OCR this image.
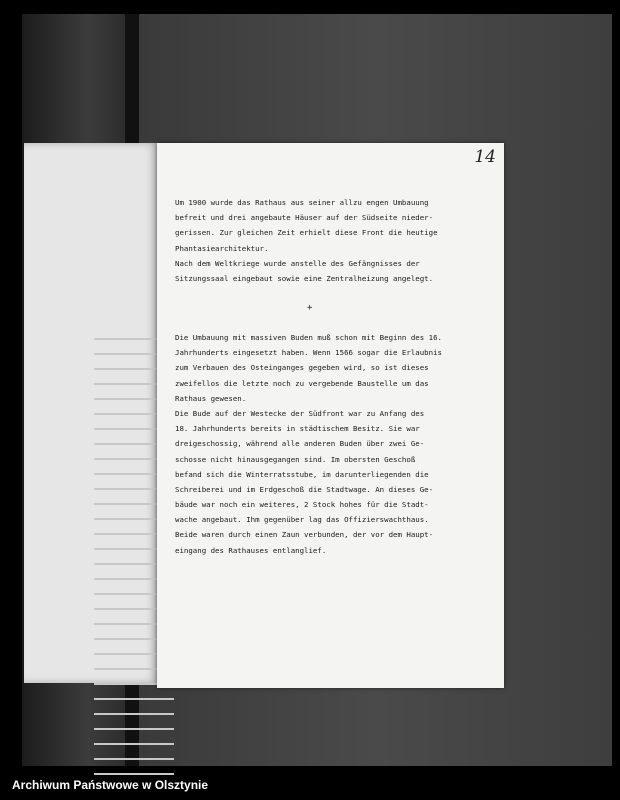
14
Um 1900 wurde das Rathaus aus seiner allzu engen Umbauung
befreit und drei angebaute Häuser auf der Südseite nieder-
gerissen. Zur gleichen Zeit erhielt diese Front die heutige
Phantasiearchitektur.
Nach dem Weltkriege wurde anstelle des Gefängnisses der
Sitzungssaal eingebaut sowie eine Zentralheizung angelegt.
+
Die Umbauung mit massiven Buden muß schon mit Beginn des 16.
Jahrhunderts eingesetzt haben. Wenn 1566 sogar die Erlaubnis
zum Verbauen des Osteinganges gegeben wird, so ist dieses
zweifellos die letzte noch zu vergebende Baustelle um das
Rathaus gewesen.
Die Bude auf der Westecke der Südfront war zu Anfang des
18. Jahrhunderts bereits in städtischem Besitz. Sie war
dreigeschossig, während alle anderen Buden über zwei Ge-
schosse nicht hinausgegangen sind. Im obersten Geschoß
befand sich die Winterratsstube, im darunterliegenden die
Schreiberei und im Erdgeschoß die Stadtwage. An dieses Ge-
bäude war noch ein weiteres, 2 Stock hohes für die Stadt-
wache angebaut. Ihm gegenüber lag das Offizierswachthaus.
Beide waren durch einen Zaun verbunden, der vor dem Haupt-
eingang des Rathauses entlanglief.
Archiwum Państwowe w Olsztynie
